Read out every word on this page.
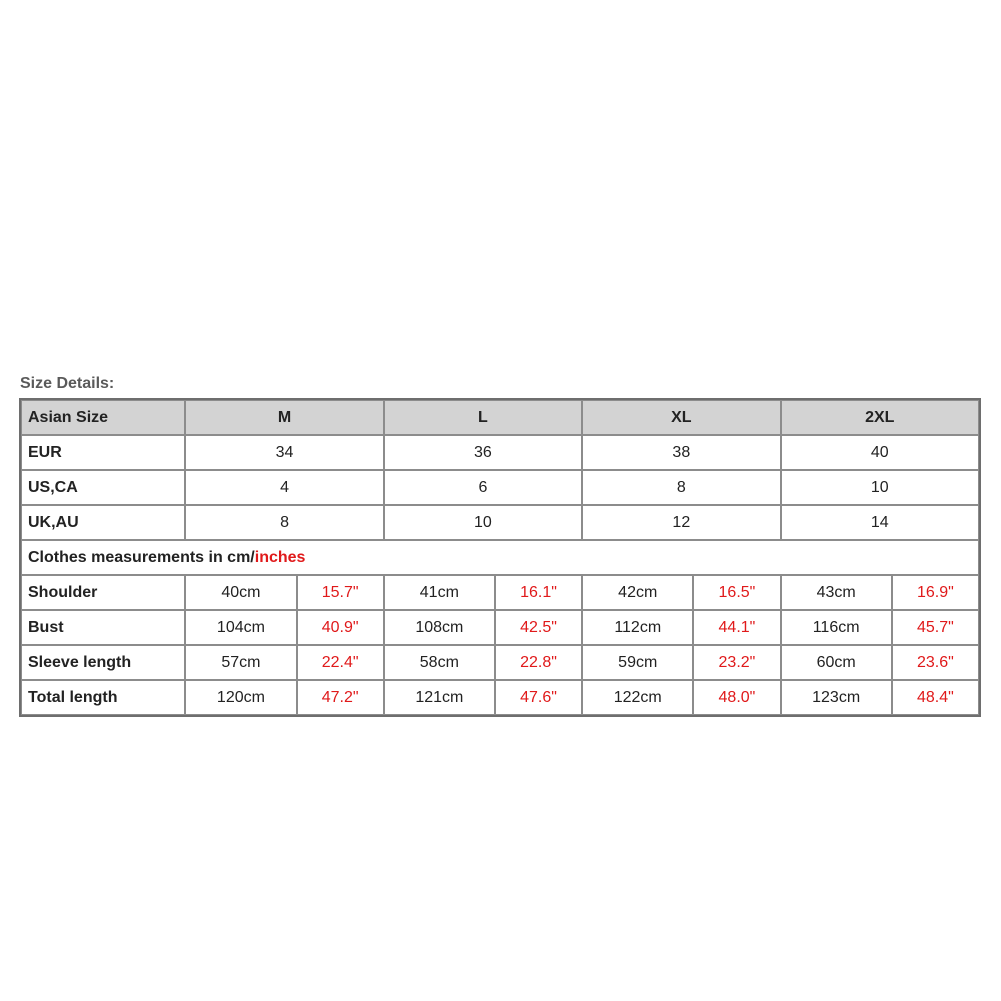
Size Details:
Asian Size	M		L		XL		2XL	
EUR	34		36		38		40	
US,CA	4		6		8		10	
UK,AU	8		10		12		14	
Clothes measurements in cm/inches								
Shoulder	40cm	15.7"	41cm	16.1"	42cm	16.5"	43cm	16.9"
Bust	104cm	40.9"	108cm	42.5"	112cm	44.1"	116cm	45.7"
Sleeve length	57cm	22.4"	58cm	22.8"	59cm	23.2"	60cm	23.6"
Total length	120cm	47.2"	121cm	47.6"	122cm	48.0"	123cm	48.4"
